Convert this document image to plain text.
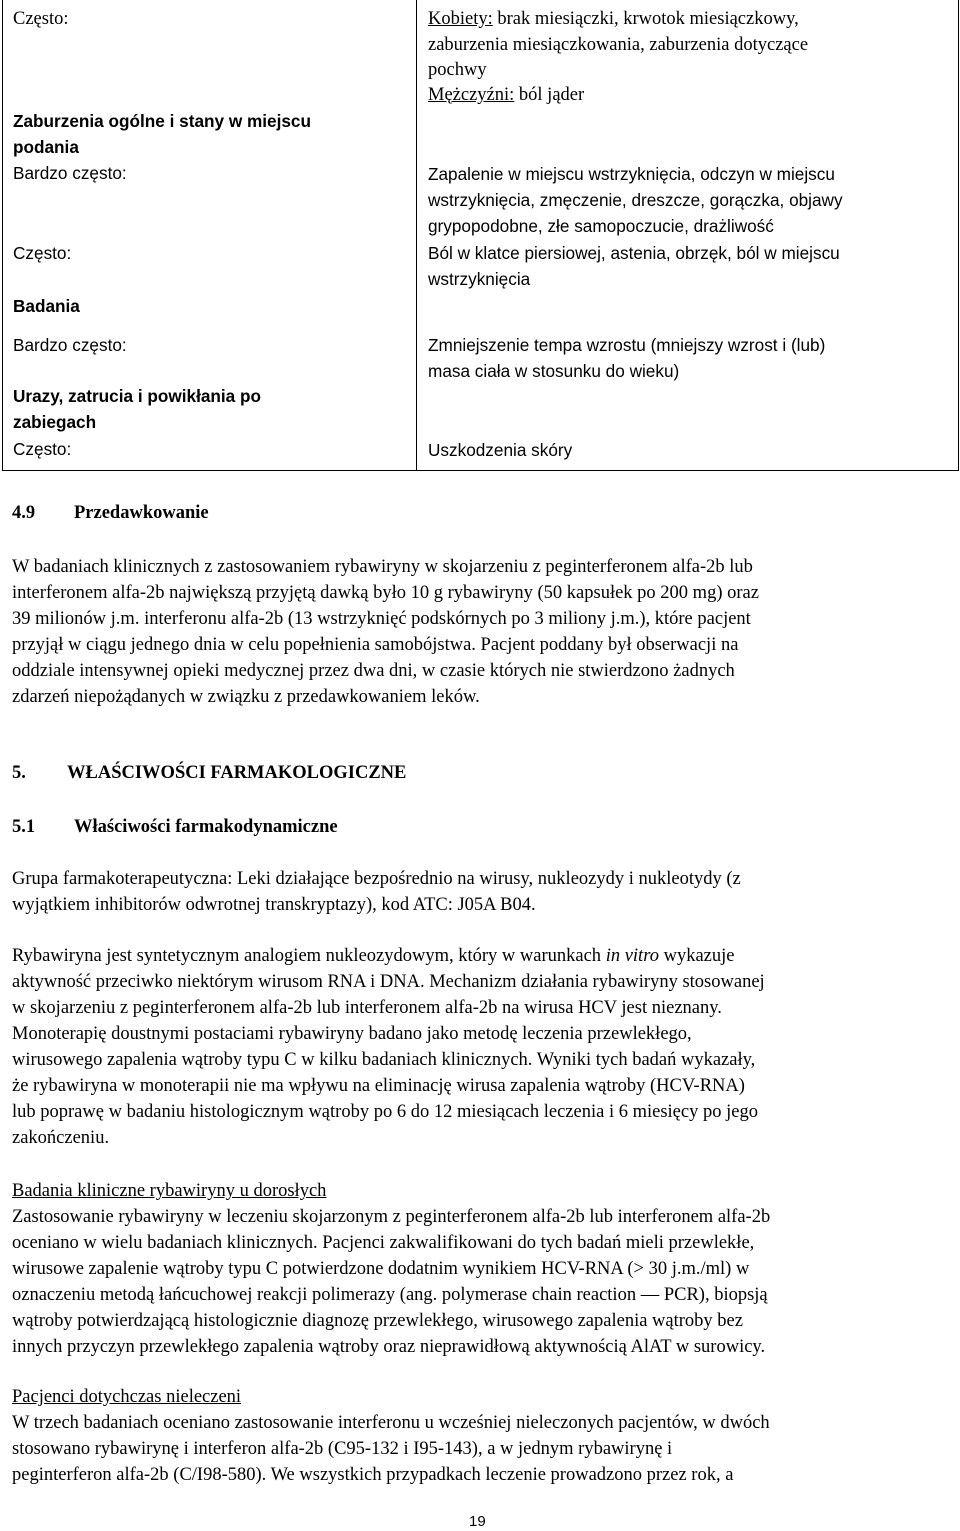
Często:
Zaburzenia ogólne i stany w miejscu
podania
Bardzo często:
Często:
Badania
Bardzo często:
Urazy, zatrucia i powikłania po
zabiegach
Często:
Kobiety: brak miesiączki, krwotok miesiączkowy,
zaburzenia miesiączkowania, zaburzenia dotyczące
pochwy
Mężczyźni: ból jąder
Zapalenie w miejscu wstrzyknięcia, odczyn w miejscu
wstrzyknięcia, zmęczenie, dreszcze, gorączka, objawy
grypopodobne, złe samopoczucie, drażliwość
Ból w klatce piersiowej, astenia, obrzęk, ból w miejscu
wstrzyknięcia
Zmniejszenie tempa wzrostu (mniejszy wzrost i (lub)
masa ciała w stosunku do wieku)
Uszkodzenia skóry
4.9 Przedawkowanie
W badaniach klinicznych z zastosowaniem rybawiryny w skojarzeniu z peginterferonem alfa-2b lub
interferonem alfa-2b największą przyjętą dawką było 10 g rybawiryny (50 kapsułek po 200 mg) oraz
39 milionów j.m. interferonu alfa-2b (13 wstrzyknięć podskórnych po 3 miliony j.m.), które pacjent
przyjął w ciągu jednego dnia w celu popełnienia samobójstwa. Pacjent poddany był obserwacji na
oddziale intensywnej opieki medycznej przez dwa dni, w czasie których nie stwierdzono żadnych
zdarzeń niepożądanych w związku z przedawkowaniem leków.
5. WŁAŚCIWOŚCI FARMAKOLOGICZNE
5.1 Właściwości farmakodynamiczne
Grupa farmakoterapeutyczna: Leki działające bezpośrednio na wirusy, nukleozydy i nukleotydy (z
wyjątkiem inhibitorów odwrotnej transkryptazy), kod ATC: J05A B04.
Rybawiryna jest syntetycznym analogiem nukleozydowym, który w warunkach in vitro wykazuje
aktywność przeciwko niektórym wirusom RNA i DNA. Mechanizm działania rybawiryny stosowanej
w skojarzeniu z peginterferonem alfa-2b lub interferonem alfa-2b na wirusa HCV jest nieznany.
Monoterapię doustnymi postaciami rybawiryny badano jako metodę leczenia przewlekłego,
wirusowego zapalenia wątroby typu C w kilku badaniach klinicznych. Wyniki tych badań wykazały,
że rybawiryna w monoterapii nie ma wpływu na eliminację wirusa zapalenia wątroby (HCV-RNA)
lub poprawę w badaniu histologicznym wątroby po 6 do 12 miesiącach leczenia i 6 miesięcy po jego
zakończeniu.
Badania kliniczne rybawiryny u dorosłych
Zastosowanie rybawiryny w leczeniu skojarzonym z peginterferonem alfa-2b lub interferonem alfa-2b
oceniano w wielu badaniach klinicznych. Pacjenci zakwalifikowani do tych badań mieli przewlekłe,
wirusowe zapalenie wątroby typu C potwierdzone dodatnim wynikiem HCV-RNA (> 30 j.m./ml) w
oznaczeniu metodą łańcuchowej reakcji polimerazy (ang. polymerase chain reaction — PCR), biopsją
wątroby potwierdzającą histologicznie diagnozę przewlekłego, wirusowego zapalenia wątroby bez
innych przyczyn przewlekłego zapalenia wątroby oraz nieprawidłową aktywnością AlAT w surowicy.
Pacjenci dotychczas nieleczeni
W trzech badaniach oceniano zastosowanie interferonu u wcześniej nieleczonych pacjentów, w dwóch
stosowano rybawirynę i interferon alfa-2b (C95-132 i I95-143), a w jednym rybawirynę i
peginterferon alfa-2b (C/I98-580). We wszystkich przypadkach leczenie prowadzono przez rok, a
19
